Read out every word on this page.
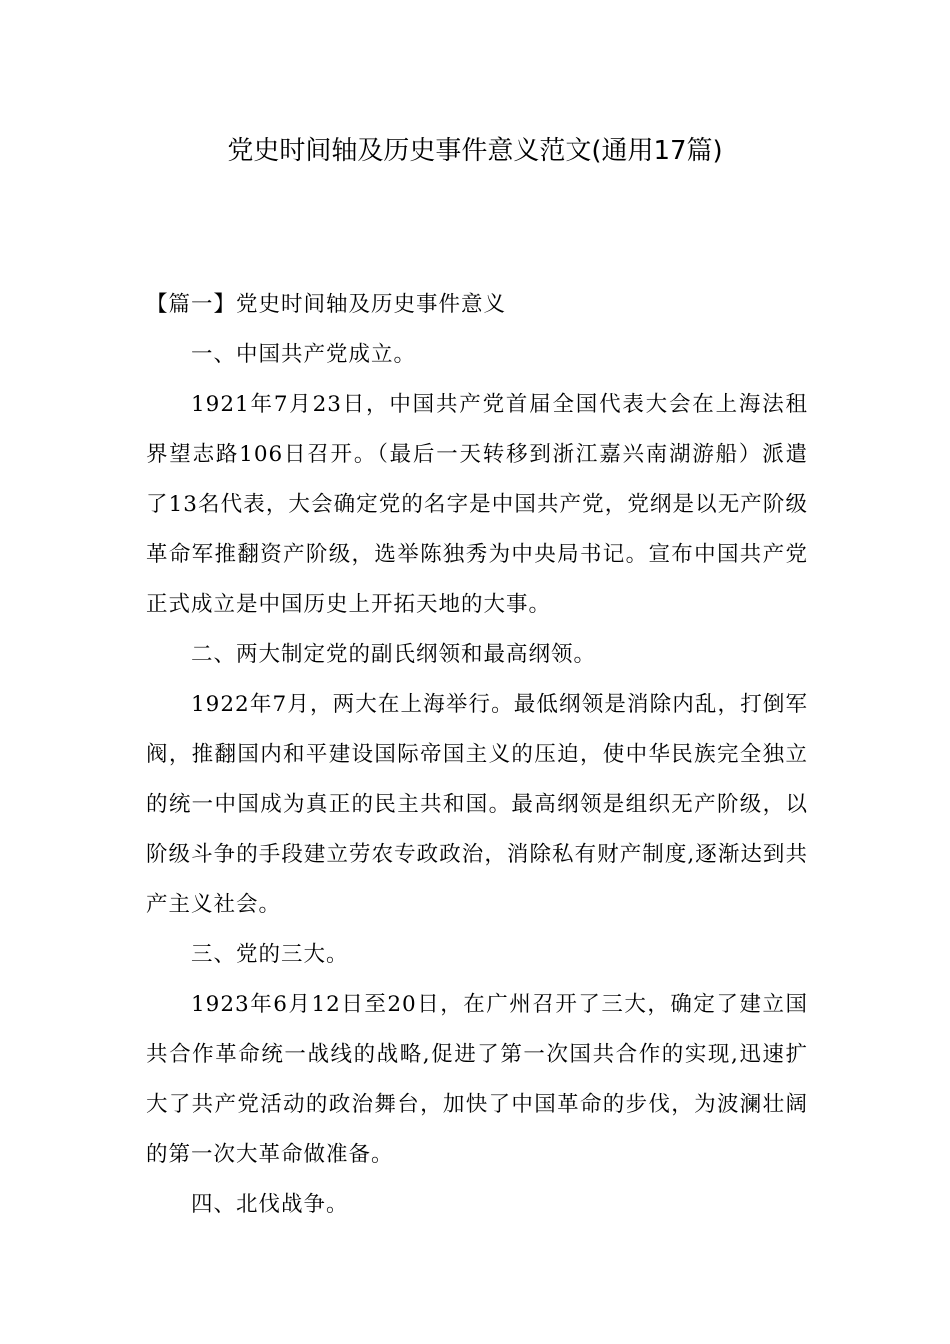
党史时间轴及历史事件意义范文(通用17篇)

【篇一】党史时间轴及历史事件意义

一、中国共产党成立。

1921年7月23日，中国共产党首届全国代表大会在上海法租界望志路106日召开。（最后一天转移到浙江嘉兴南湖游船）派遣了13名代表，大会确定党的名字是中国共产党，党纲是以无产阶级革命军推翻资产阶级，选举陈独秀为中央局书记。宣布中国共产党正式成立是中国历史上开拓天地的大事。

二、两大制定党的副氏纲领和最高纲领。

1922年7月，两大在上海举行。最低纲领是消除内乱，打倒军阀，推翻国内和平建设国际帝国主义的压迫，使中华民族完全独立的统一中国成为真正的民主共和国。最高纲领是组织无产阶级，以阶级斗争的手段建立劳农专政政治，消除私有财产制度,逐渐达到共产主义社会。

三、党的三大。

1923年6月12日至20日，在广州召开了三大，确定了建立国共合作革命统一战线的战略,促进了第一次国共合作的实现,迅速扩大了共产党活动的政治舞台，加快了中国革命的步伐，为波澜壮阔的第一次大革命做准备。

四、北伐战争。
